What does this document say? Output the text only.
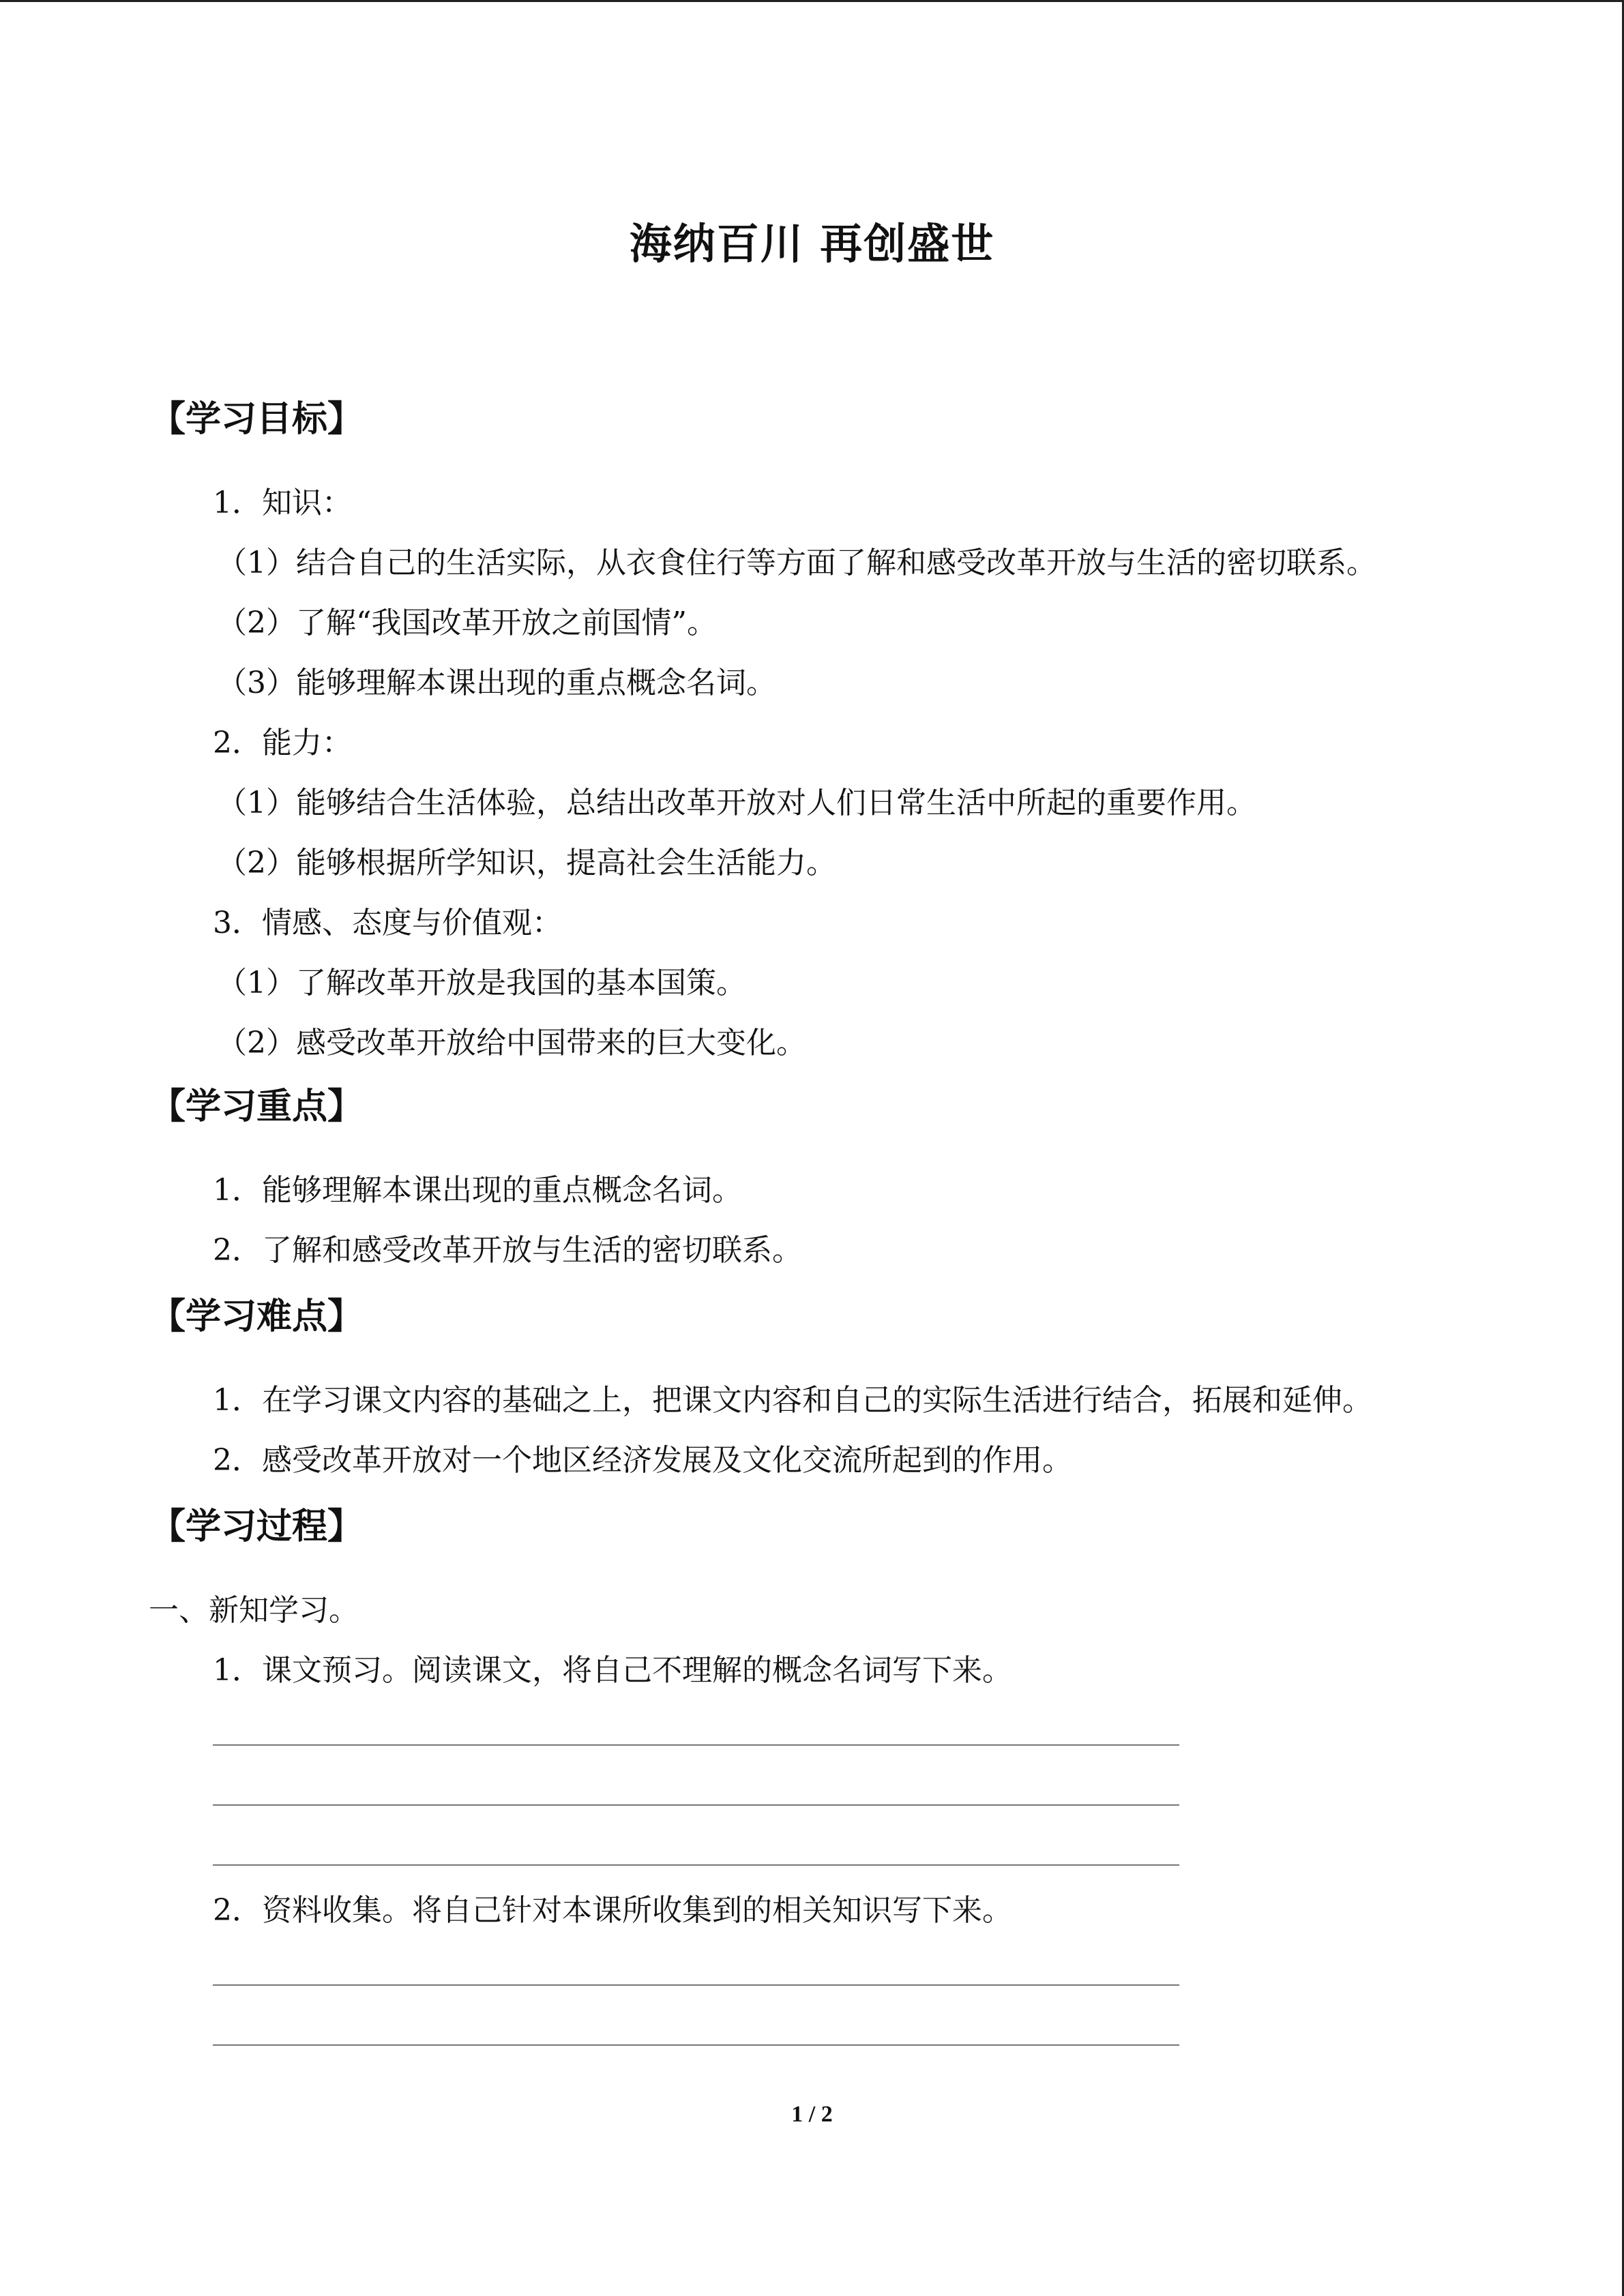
海纳百川 再创盛世
【学习目标】
1．知识：
（1）结合自己的生活实际，从衣食住行等方面了解和感受改革开放与生活的密切联系。
（2）了解“我国改革开放之前国情”。
（3）能够理解本课出现的重点概念名词。
2．能力：
（1）能够结合生活体验，总结出改革开放对人们日常生活中所起的重要作用。
（2）能够根据所学知识，提高社会生活能力。
3．情感、态度与价值观：
（1）了解改革开放是我国的基本国策。
（2）感受改革开放给中国带来的巨大变化。
【学习重点】
1．能够理解本课出现的重点概念名词。
2．了解和感受改革开放与生活的密切联系。
【学习难点】
1．在学习课文内容的基础之上，把课文内容和自己的实际生活进行结合，拓展和延伸。
2．感受改革开放对一个地区经济发展及文化交流所起到的作用。
【学习过程】
一、新知学习。
1．课文预习。阅读课文，将自己不理解的概念名词写下来。
2．资料收集。将自己针对本课所收集到的相关知识写下来。
1 / 2
